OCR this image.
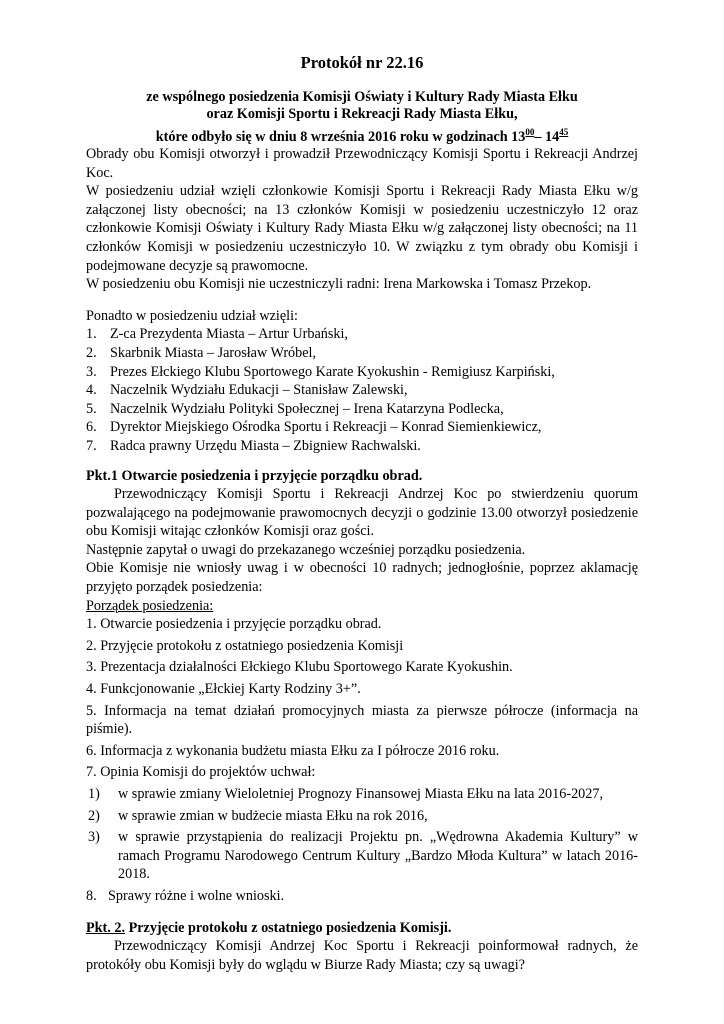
Protokół nr 22.16
ze wspólnego posiedzenia Komisji Oświaty i Kultury Rady Miasta Ełku
oraz Komisji Sportu i Rekreacji Rady Miasta Ełku,
które odbyło się w dniu 8 września 2016 roku w godzinach $13^{00}-$ $14^{45}$

Obrady obu Komisji otworzył i prowadził Przewodniczący Komisji Sportu i Rekreacji Andrzej Koc.

W posiedzeniu udział wzięli członkowie Komisji Sportu i Rekreacji Rady Miasta Ełku w/g załączonej listy obecności; na 13 członków Komisji w posiedzeniu uczestniczyło 12 oraz członkowie Komisji Oświaty i Kultury Rady Miasta Ełku w/g załączonej listy obecności; na 11 członków Komisji w posiedzeniu uczestniczyło 10. W związku z tym obrady obu Komisji i podejmowane decyzje są prawomocne.

W posiedzeniu obu Komisji nie uczestniczyli radni: Irena Markowska i Tomasz Przekop.

Ponadto w posiedzeniu udział wzięli:

1. Z-ca Prezydenta Miasta – Artur Urbański,
2. Skarbnik Miasta – Jarosław Wróbel,
3. Prezes Ełckiego Klubu Sportowego Karate Kyokushin - Remigiusz Karpiński,
4. Naczelnik Wydziału Edukacji – Stanisław Zalewski,
5. Naczelnik Wydziału Polityki Społecznej – Irena Katarzyna Podlecka,
6. Dyrektor Miejskiego Ośrodka Sportu i Rekreacji – Konrad Siemienkiewicz,
7. Radca prawny Urzędu Miasta – Zbigniew Rachwalski.

Pkt.1 Otwarcie posiedzenia i przyjęcie porządku obrad.

Przewodniczący Komisji Sportu i Rekreacji Andrzej Koc po stwierdzeniu quorum pozwalającego na podejmowanie prawomocnych decyzji o godzinie 13.00 otworzył posiedzenie obu Komisji witając członków Komisji oraz gości.

Następnie zapytał o uwagi do przekazanego wcześniej porządku posiedzenia.

Obie Komisje nie wniosły uwag i w obecności 10 radnych; jednogłośnie, poprzez aklamację przyjęto porządek posiedzenia:

Porządek posiedzenia:

1. Otwarcie posiedzenia i przyjęcie porządku obrad.

2. Przyjęcie protokołu z ostatniego posiedzenia Komisji

3. Prezentacja działalności Ełckiego Klubu Sportowego Karate Kyokushin.

4. Funkcjonowanie „Ełckiej Karty Rodziny 3+”.

5. Informacja na temat działań promocyjnych miasta za pierwsze półrocze (informacja na piśmie).

6. Informacja z wykonania budżetu miasta Ełku za I półrocze 2016 roku.

7. Opinia Komisji do projektów uchwał:

1)	w sprawie zmiany Wieloletniej Prognozy Finansowej Miasta Ełku na lata 2016-2027,
2)	w sprawie zmian w budżecie miasta Ełku na rok 2016,
3)	w sprawie przystąpienia do realizacji Projektu pn. „Wędrowna Akademia Kultury” w ramach Programu Narodowego Centrum Kultury „Bardzo Młoda Kultura” w latach 2016-2018.
8. Sprawy różne i wolne wnioski.

Pkt. 2. Przyjęcie protokołu z ostatniego posiedzenia Komisji.

Przewodniczący Komisji Andrzej Koc Sportu i Rekreacji poinformował radnych, że protokóły obu Komisji były do wglądu w Biurze Rady Miasta; czy są uwagi?
